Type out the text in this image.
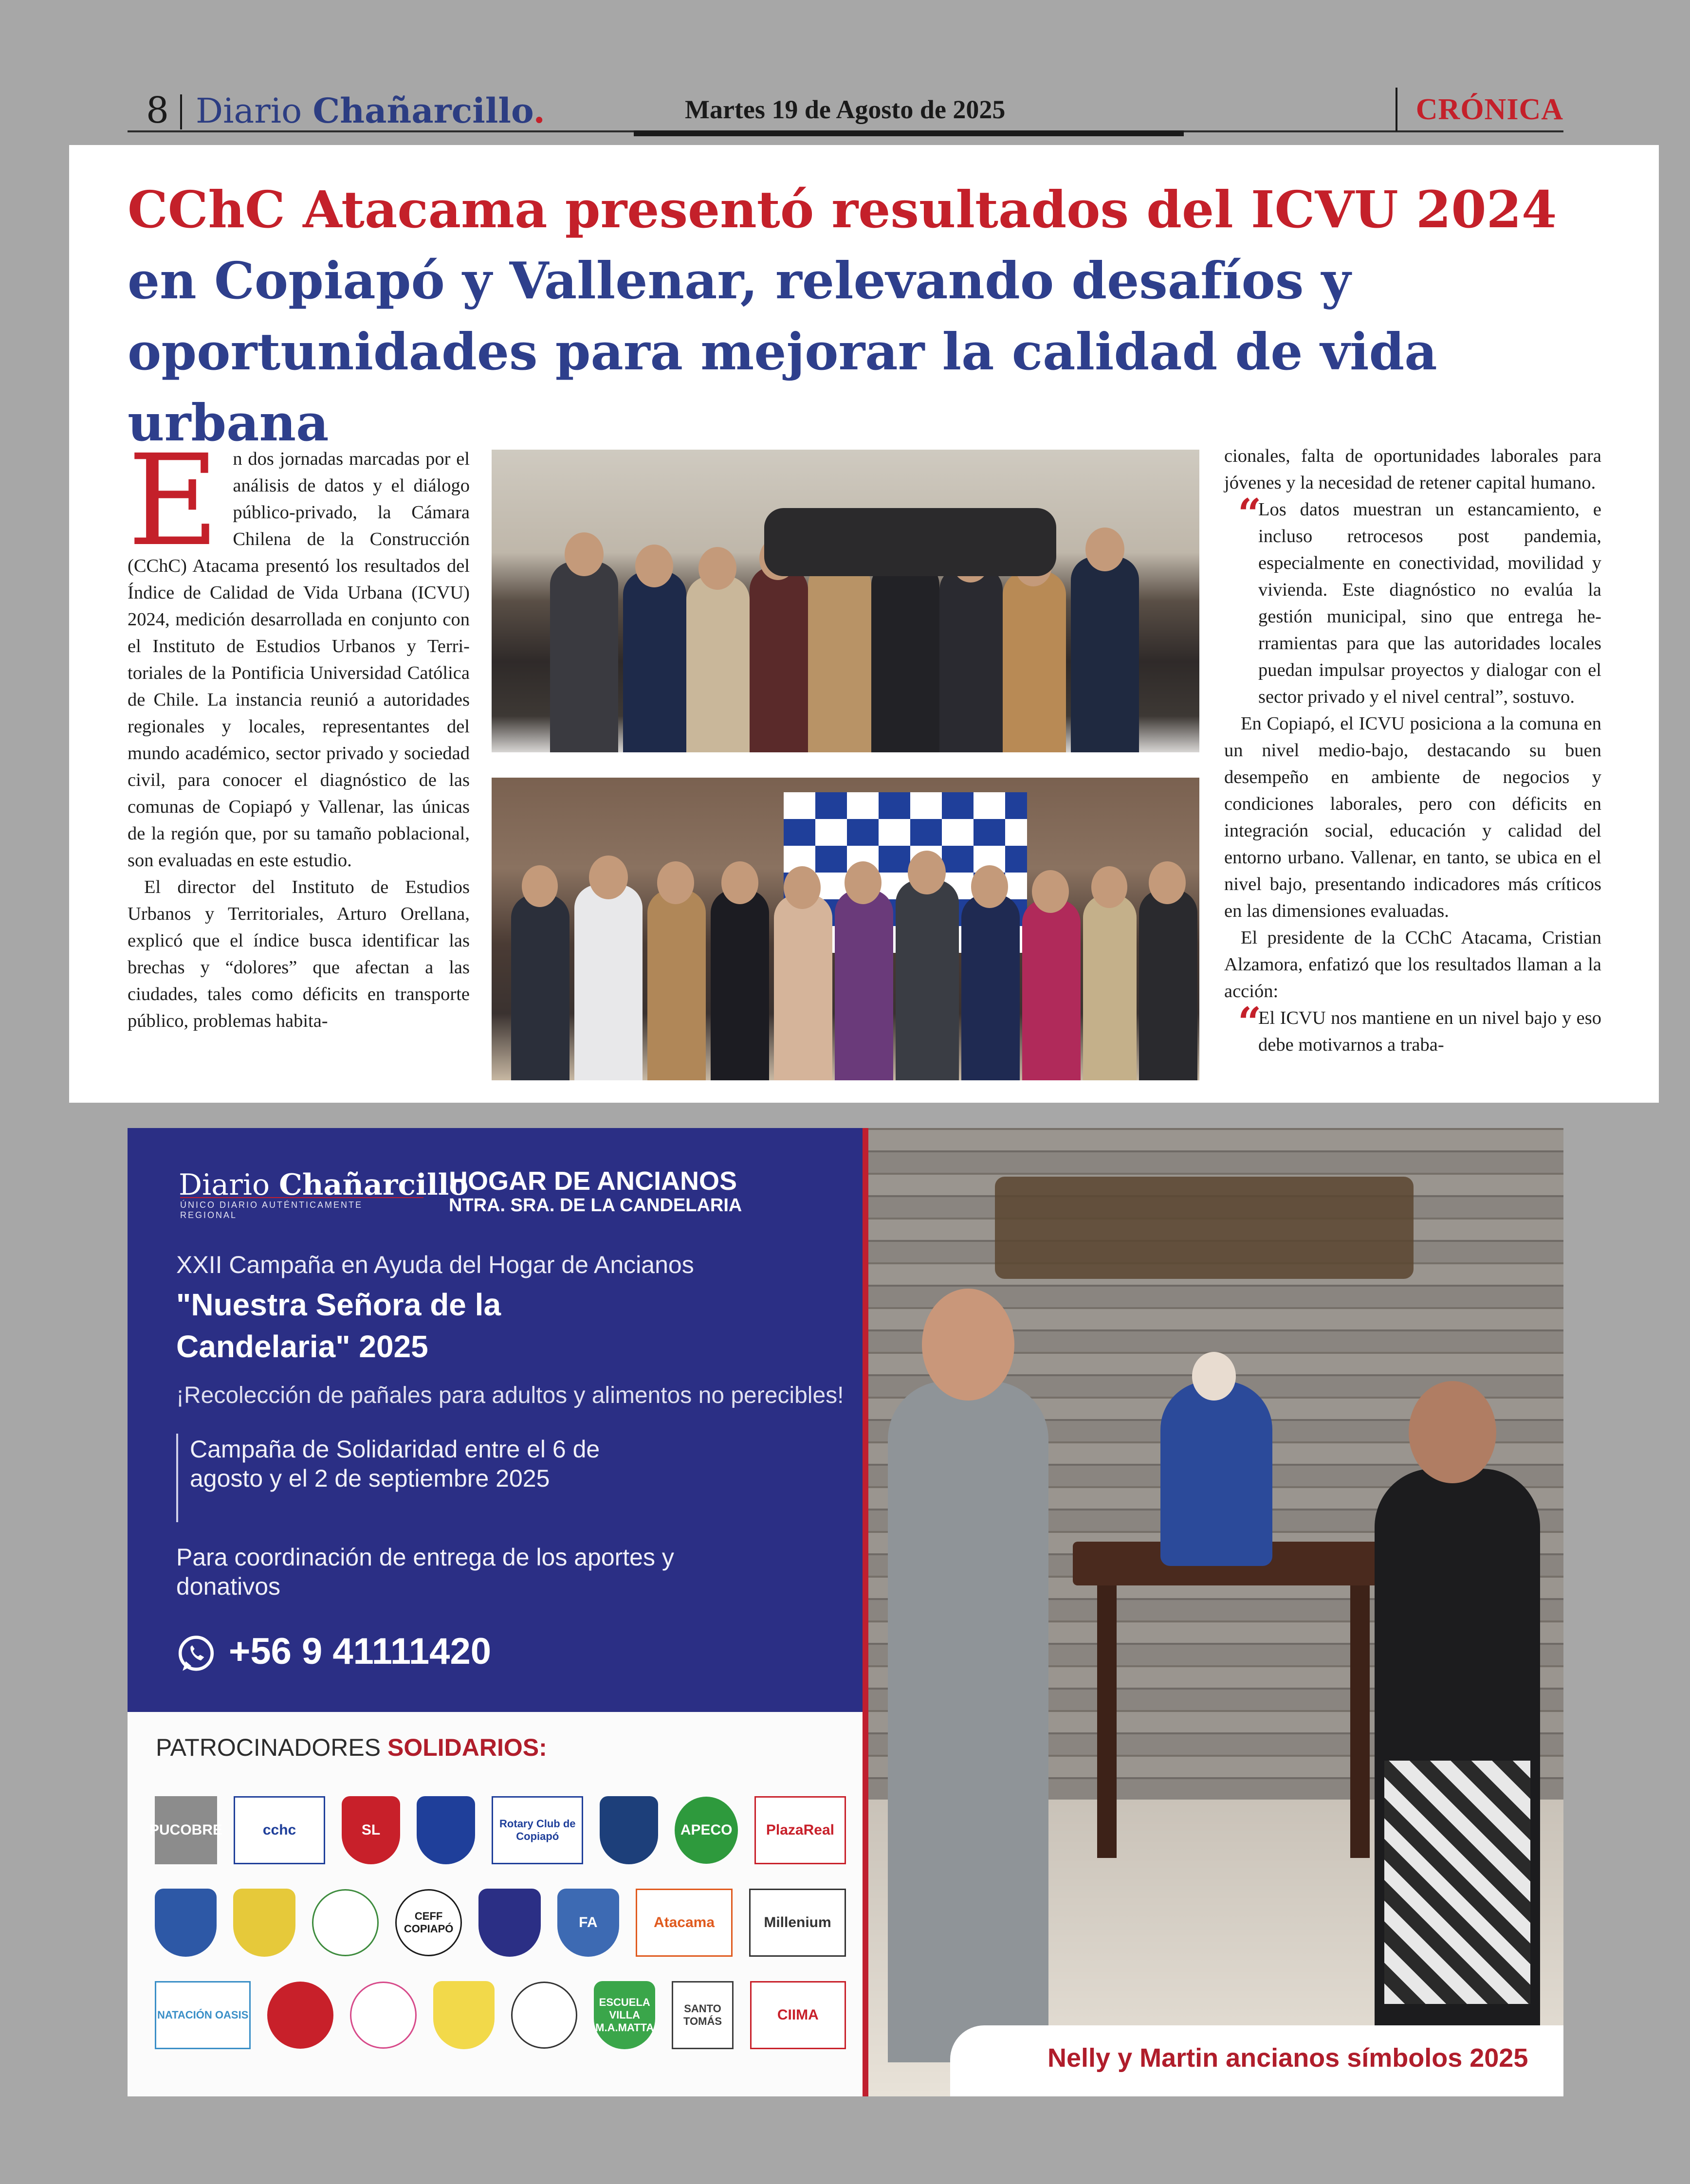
8 Diario Chañarcillo.	Martes 19 de Agosto de 2025	CRÓNICA
CChC Atacama presentó resultados del ICVU 2024
en Copiapó y Vallenar, relevando desafíos y oportunidades para mejorar la calidad de vida urbana
E n dos jornadas marcadas por el análisis de datos y el diálogo público-privado, la Cámara Chilena de la Construcción (CChC) Atacama presentó los resultados del Índice de Calidad de Vida Urbana (ICVU) 2024, medición desarrollada en conjunto con el Instituto de Estudios Urbanos y Territoriales de la Pontificia Universidad Católica de Chile. La instancia reunió a autoridades regionales y locales, representantes del mundo académico, sector privado y sociedad civil, para conocer el diagnóstico de las comunas de Copiapó y Vallenar, las únicas de la región que, por su tamaño poblacional, son evaluadas en este estudio.

El director del Instituto de Estudios Urbanos y Territoriales, Arturo Orellana, explicó que el índice busca identificar las brechas y “dolores” que afectan a las ciudades, tales como déficits en transporte público, problemas habita-

cionales, falta de oportunidades laborales para jóvenes y la necesidad de retener capital humano.

“

Los datos muestran un estancamiento, e incluso retrocesos post pandemia, especialmente en conectividad, movilidad y vivienda. Este diagnóstico no evalúa la gestión municipal, sino que entrega herramientas para que las autoridades locales puedan impulsar proyectos y dialogar con el sector privado y el nivel central”, sostuvo.

En Copiapó, el ICVU posiciona a la comuna en un nivel medio-bajo, destacando su buen desempeño en ambiente de negocios y condiciones laborales, pero con déficits en integración social, educación y calidad del entorno urbano. Vallenar, en tanto, se ubica en el nivel bajo, presentando indicadores más críticos en las dimensiones evaluadas.

El presidente de la CChC Atacama, Cristian Alzamora, enfatizó que los resultados llaman a la acción:

“

El ICVU nos mantiene en un nivel bajo y eso debe motivarnos a traba-

Diario Chañarcillo
ÚNICO DIARIO AUTÉNTICAMENTE REGIONAL
HOGAR DE ANCIANOS
NTRA. SRA. DE LA CANDELARIA
XXII Campaña en Ayuda del Hogar de Ancianos
"Nuestra Señora de la Candelaria" 2025
¡Recolección de pañales para adultos y alimentos no perecibles!
Campaña de Solidaridad entre el 6 de agosto y el 2 de septiembre 2025
Para coordinación de entrega de los aportes y donativos
+56 9 41111420
PATROCINADORES SOLIDARIOS:
PUCOBRE	cchc	SL	Rotary Club de Copiapó	APECO	PlazaReal
CEFF COPIAPÓ	FA	Atacama	Millenium
NATACIÓN OASIS
ESCUELA VILLA M.A.MATTA
SANTO TOMÁS	CIIMA
Nelly y Martin ancianos símbolos 2025
